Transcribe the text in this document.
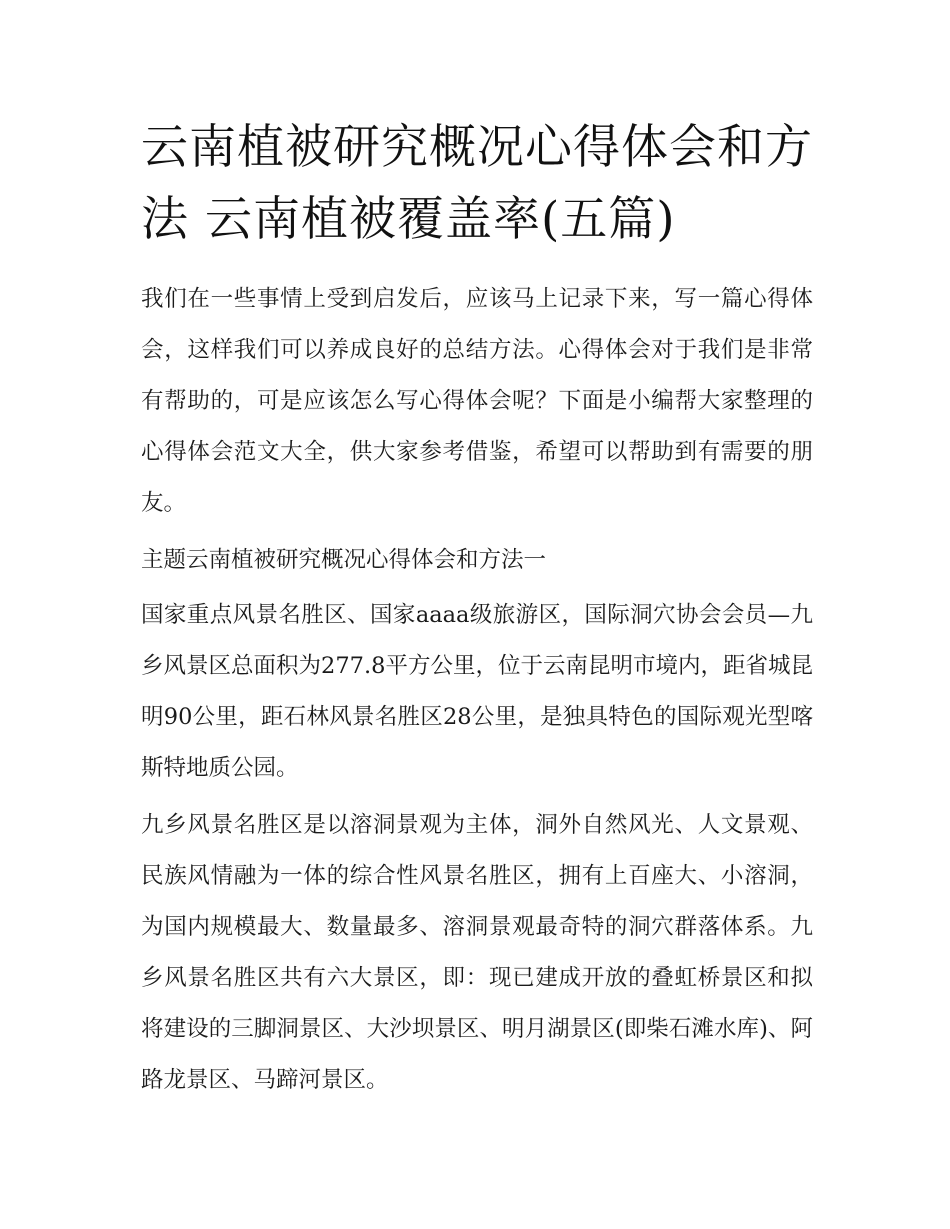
云南植被研究概况心得体会和方法 云南植被覆盖率(五篇)

我们在一些事情上受到启发后，应该马上记录下来，写一篇心得体会，这样我们可以养成良好的总结方法。心得体会对于我们是非常有帮助的，可是应该怎么写心得体会呢？下面是小编帮大家整理的心得体会范文大全，供大家参考借鉴，希望可以帮助到有需要的朋友。

主题云南植被研究概况心得体会和方法一

国家重点风景名胜区、国家aaaa级旅游区，国际洞穴协会会员—九乡风景区总面积为277.8平方公里，位于云南昆明市境内，距省城昆明90公里，距石林风景名胜区28公里，是独具特色的国际观光型喀斯特地质公园。

九乡风景名胜区是以溶洞景观为主体，洞外自然风光、人文景观、民族风情融为一体的综合性风景名胜区，拥有上百座大、小溶洞，为国内规模最大、数量最多、溶洞景观最奇特的洞穴群落体系。九乡风景名胜区共有六大景区，即：现已建成开放的叠虹桥景区和拟将建设的三脚洞景区、大沙坝景区、明月湖景区(即柴石滩水库)、阿路龙景区、马蹄河景区。
